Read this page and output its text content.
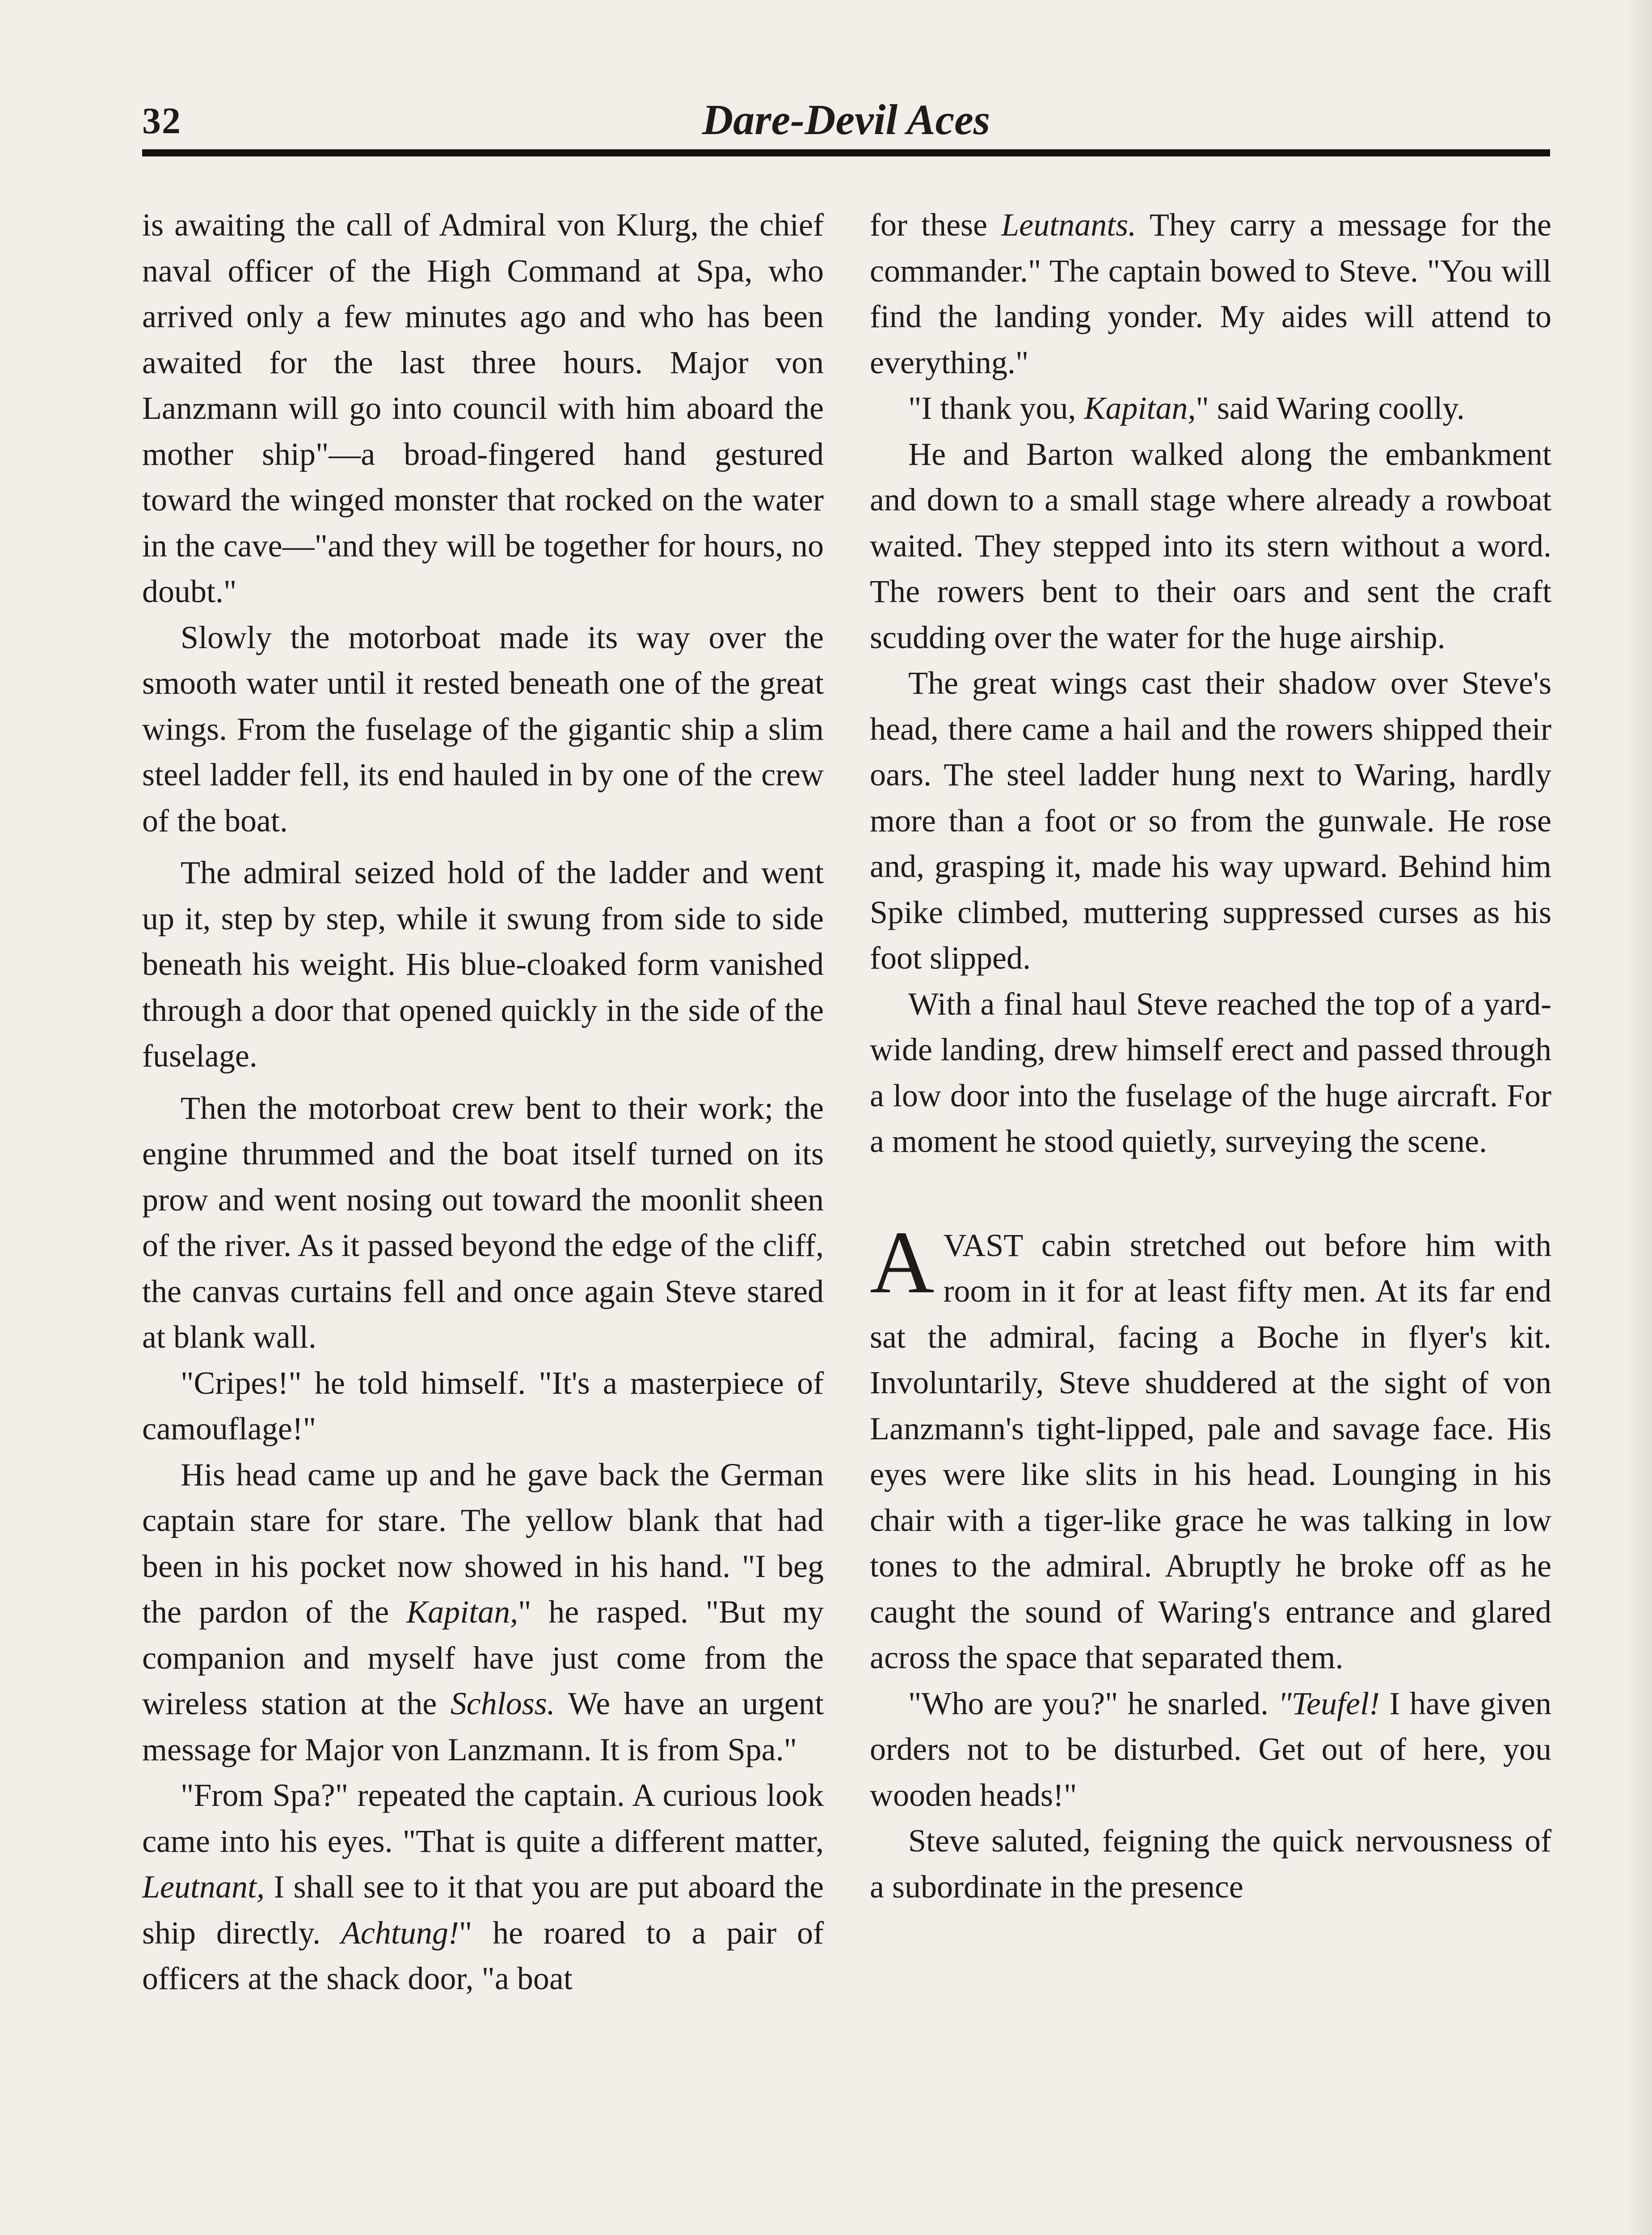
32	Dare-Devil Aces

is awaiting the call of Admiral von Klurg, the chief naval officer of the High Command at Spa, who arrived only a few minutes ago and who has been awaited for the last three hours. Major von Lanzmann will go into council with him aboard the mother ship"—a broad-fingered hand gestured toward the winged monster that rocked on the water in the cave—"and they will be together for hours, no doubt."

Slowly the motorboat made its way over the smooth water until it rested beneath one of the great wings. From the fuselage of the gigantic ship a slim steel ladder fell, its end hauled in by one of the crew of the boat.

The admiral seized hold of the ladder and went up it, step by step, while it swung from side to side beneath his weight. His blue-cloaked form vanished through a door that opened quickly in the side of the fuselage.

Then the motorboat crew bent to their work; the engine thrummed and the boat itself turned on its prow and went nosing out toward the moonlit sheen of the river. As it passed beyond the edge of the cliff, the canvas curtains fell and once again Steve stared at blank wall.

"Cripes!" he told himself. "It's a masterpiece of camouflage!"

His head came up and he gave back the German captain stare for stare. The yellow blank that had been in his pocket now showed in his hand. "I beg the pardon of the Kapitan," he rasped. "But my companion and myself have just come from the wireless station at the Schloss. We have an urgent message for Major von Lanzmann. It is from Spa."

"From Spa?" repeated the captain. A curious look came into his eyes. "That is quite a different matter, Leutnant, I shall see to it that you are put aboard the ship directly. Achtung!" he roared to a pair of officers at the shack door, "a boat

for these Leutnants. They carry a message for the commander." The captain bowed to Steve. "You will find the landing yonder. My aides will attend to everything."

"I thank you, Kapitan," said Waring coolly.

He and Barton walked along the embankment and down to a small stage where already a rowboat waited. They stepped into its stern without a word. The rowers bent to their oars and sent the craft scudding over the water for the huge airship.

The great wings cast their shadow over Steve's head, there came a hail and the rowers shipped their oars. The steel ladder hung next to Waring, hardly more than a foot or so from the gunwale. He rose and, grasping it, made his way upward. Behind him Spike climbed, muttering suppressed curses as his foot slipped.

With a final haul Steve reached the top of a yard-wide landing, drew himself erect and passed through a low door into the fuselage of the huge aircraft. For a moment he stood quietly, surveying the scene.

AVAST cabin stretched out before him with room in it for at least fifty men. At its far end sat the admiral, facing a Boche in flyer's kit. Involuntarily, Steve shuddered at the sight of von Lanzmann's tight-lipped, pale and savage face. His eyes were like slits in his head. Lounging in his chair with a tiger-like grace he was talking in low tones to the admiral. Abruptly he broke off as he caught the sound of Waring's entrance and glared across the space that separated them.

"Who are you?" he snarled. "Teufel! I have given orders not to be disturbed. Get out of here, you wooden heads!"

Steve saluted, feigning the quick nervousness of a subordinate in the presence
